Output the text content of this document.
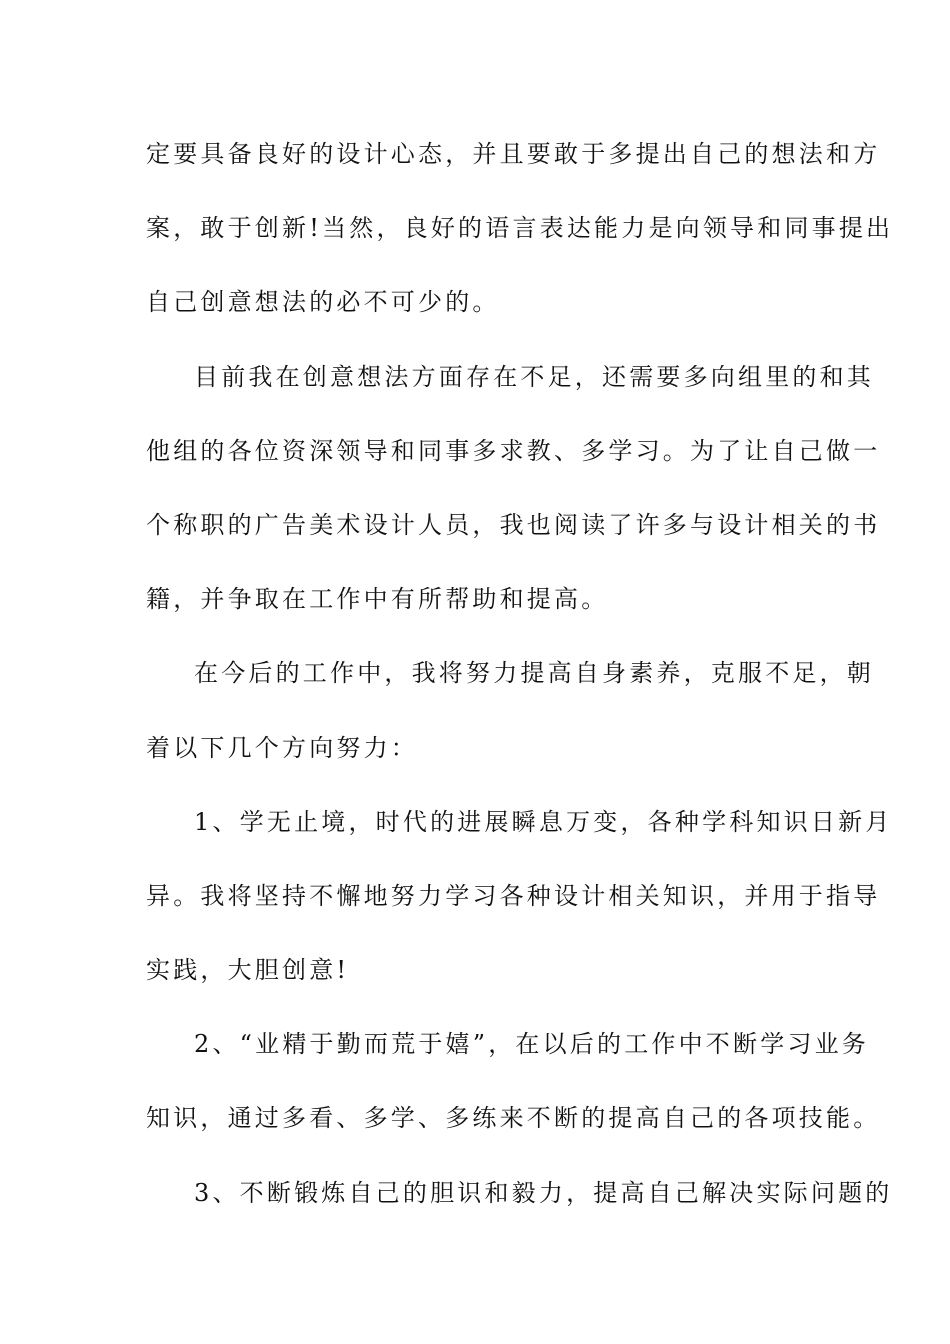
定要具备良好的设计心态，并且要敢于多提出自己的想法和方
案，敢于创新!当然，良好的语言表达能力是向领导和同事提出
自己创意想法的必不可少的。
目前我在创意想法方面存在不足，还需要多向组里的和其
他组的各位资深领导和同事多求教、多学习。为了让自己做一
个称职的广告美术设计人员，我也阅读了许多与设计相关的书
籍，并争取在工作中有所帮助和提高。
在今后的工作中，我将努力提高自身素养，克服不足，朝
着以下几个方向努力：
1、学无止境，时代的进展瞬息万变，各种学科知识日新月
异。我将坚持不懈地努力学习各种设计相关知识，并用于指导
实践，大胆创意!
2、“业精于勤而荒于嬉”，在以后的工作中不断学习业务
知识，通过多看、多学、多练来不断的提高自己的各项技能。
3、不断锻炼自己的胆识和毅力，提高自己解决实际问题的
